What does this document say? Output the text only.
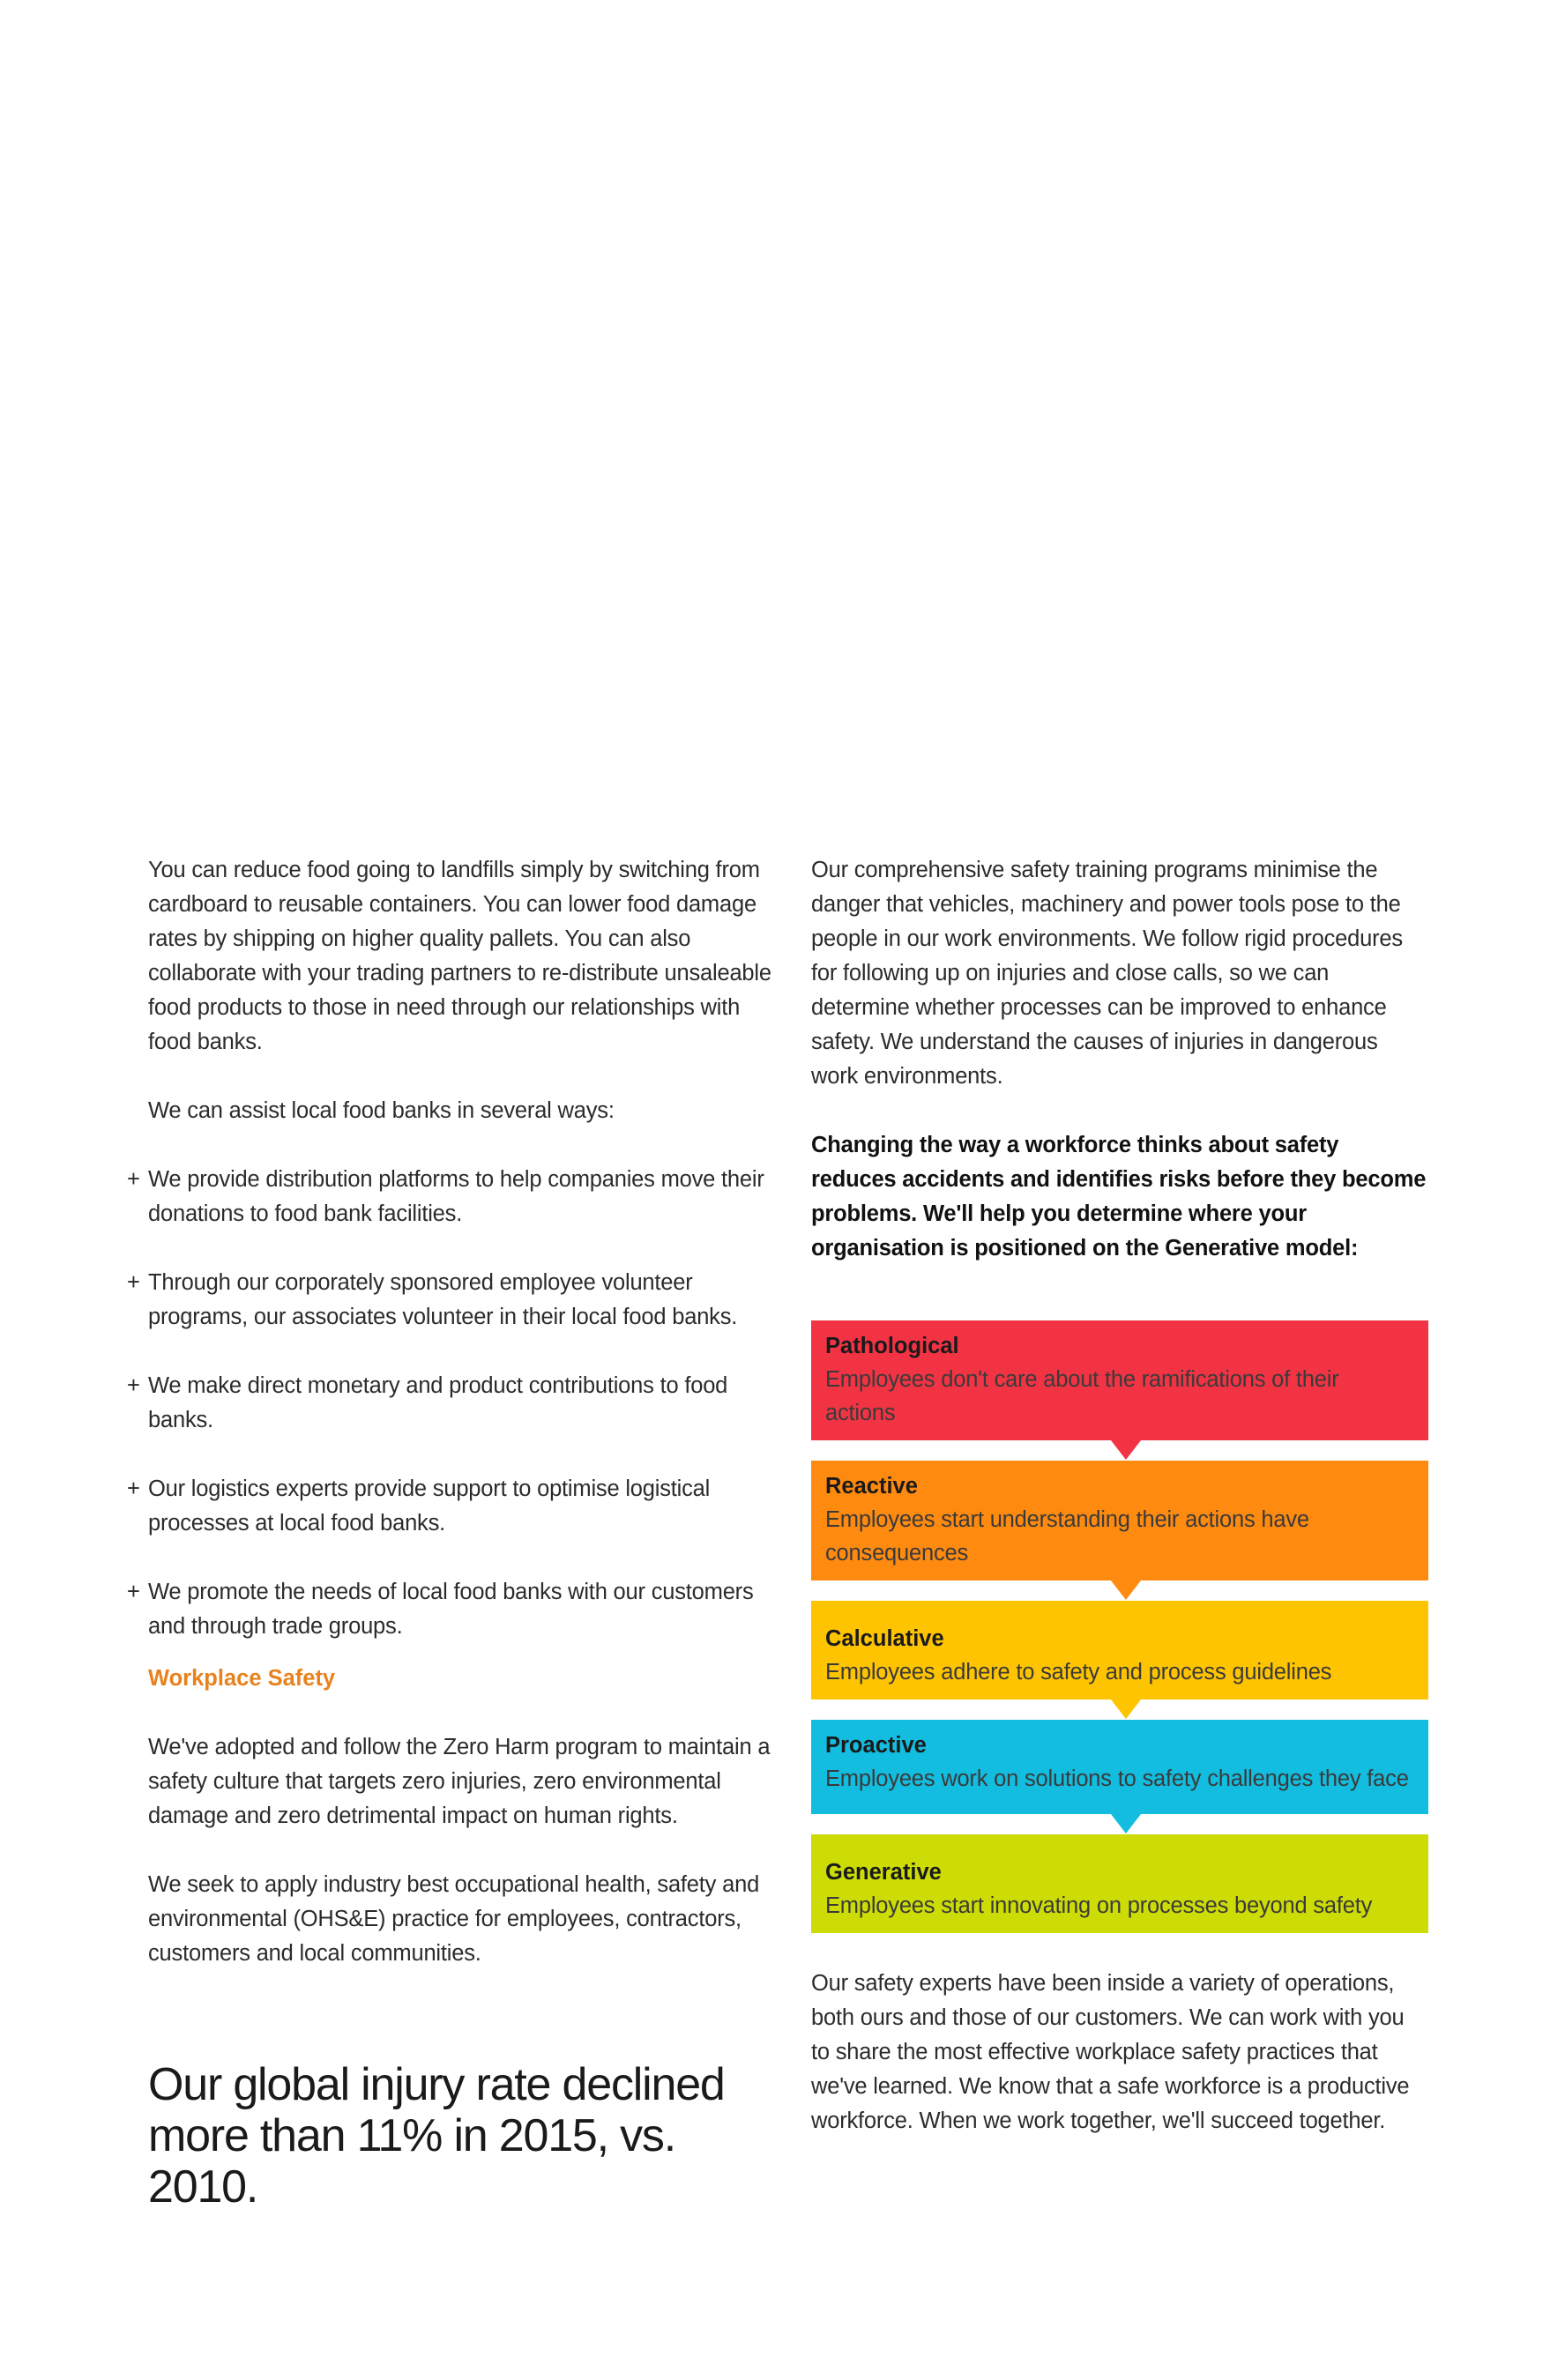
You can reduce food going to landfills simply by switching from cardboard to reusable containers. You can lower food damage rates by shipping on higher quality pallets. You can also collaborate with your trading partners to re-distribute unsaleable food products to those in need through our relationships with food banks.

We can assist local food banks in several ways:

+ We provide distribution platforms to help companies move their donations to food bank facilities.
+ Through our corporately sponsored employee volunteer programs, our associates volunteer in their local food banks.
+ We make direct monetary and product contributions to food banks.
+ Our logistics experts provide support to optimise logistical processes at local food banks.
+ We promote the needs of local food banks with our customers and through trade groups.
Workplace Safety

We've adopted and follow the Zero Harm program to maintain a safety culture that targets zero injuries, zero environmental damage and zero detrimental impact on human rights.

We seek to apply industry best occupational health, safety and environmental (OHS&E) practice for employees, contractors, customers and local communities.

Our global injury rate declined more than 11% in 2015, vs. 2010.

Our comprehensive safety training programs minimise the danger that vehicles, machinery and power tools pose to the people in our work environments. We follow rigid procedures for following up on injuries and close calls, so we can determine whether processes can be improved to enhance safety. We understand the causes of injuries in dangerous work environments.

Changing the way a workforce thinks about safety reduces accidents and identifies risks before they become problems. We'll help you determine where your organisation is positioned on the Generative model:

Pathological
Employees don't care about the ramifications of their actions
Reactive
Employees start understanding their actions have consequences
Calculative
Employees adhere to safety and process guidelines
Proactive
Employees work on solutions to safety challenges they face
Generative
Employees start innovating on processes beyond safety

Our safety experts have been inside a variety of operations, both ours and those of our customers. We can work with you to share the most effective workplace safety practices that we've learned. We know that a safe workforce is a productive workforce. When we work together, we'll succeed together.
